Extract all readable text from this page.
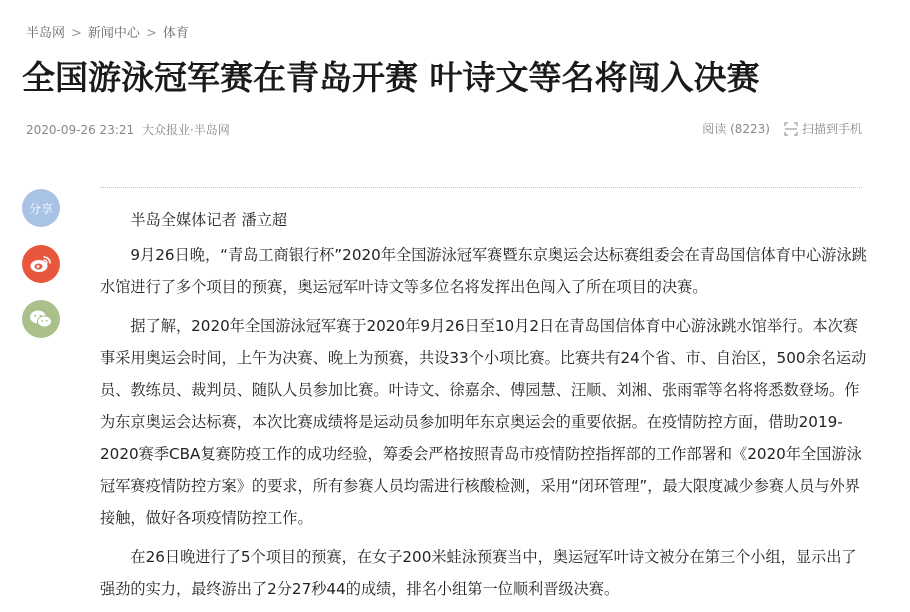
半岛网 > 新闻中心 > 体育
全国游泳冠军赛在青岛开赛 叶诗文等名将闯入决赛
2020-09-26 23:21 大众报业·半岛网	阅读 (8223)	扫描到手机
分享

半岛全媒体记者 潘立超

9月26日晚，“青岛工商银行杯”2020年全国游泳冠军赛暨东京奥运会达标赛组委会在青岛国信体育中心游泳跳水馆进行了多个项目的预赛，奥运冠军叶诗文等多位名将发挥出色闯入了所在项目的决赛。

据了解，2020年全国游泳冠军赛于2020年9月26日至10月2日在青岛国信体育中心游泳跳水馆举行。本次赛事采用奥运会时间，上午为决赛、晚上为预赛，共设33个小项比赛。比赛共有24个省、市、自治区，500余名运动员、教练员、裁判员、随队人员参加比赛。叶诗文、徐嘉余、傅园慧、汪顺、刘湘、张雨霏等名将将悉数登场。作为东京奥运会达标赛，本次比赛成绩将是运动员参加明年东京奥运会的重要依据。在疫情防控方面，借助2019-2020赛季CBA复赛防疫工作的成功经验，筹委会严格按照青岛市疫情防控指挥部的工作部署和《2020年全国游泳冠军赛疫情防控方案》的要求，所有参赛人员均需进行核酸检测，采用“闭环管理”，最大限度减少参赛人员与外界接触，做好各项疫情防控工作。

在26日晚进行了5个项目的预赛，在女子200米蛙泳预赛当中，奥运冠军叶诗文被分在第三个小组，显示出了强劲的实力，最终游出了2分27秒44的成绩，排名小组第一位顺利晋级决赛。
